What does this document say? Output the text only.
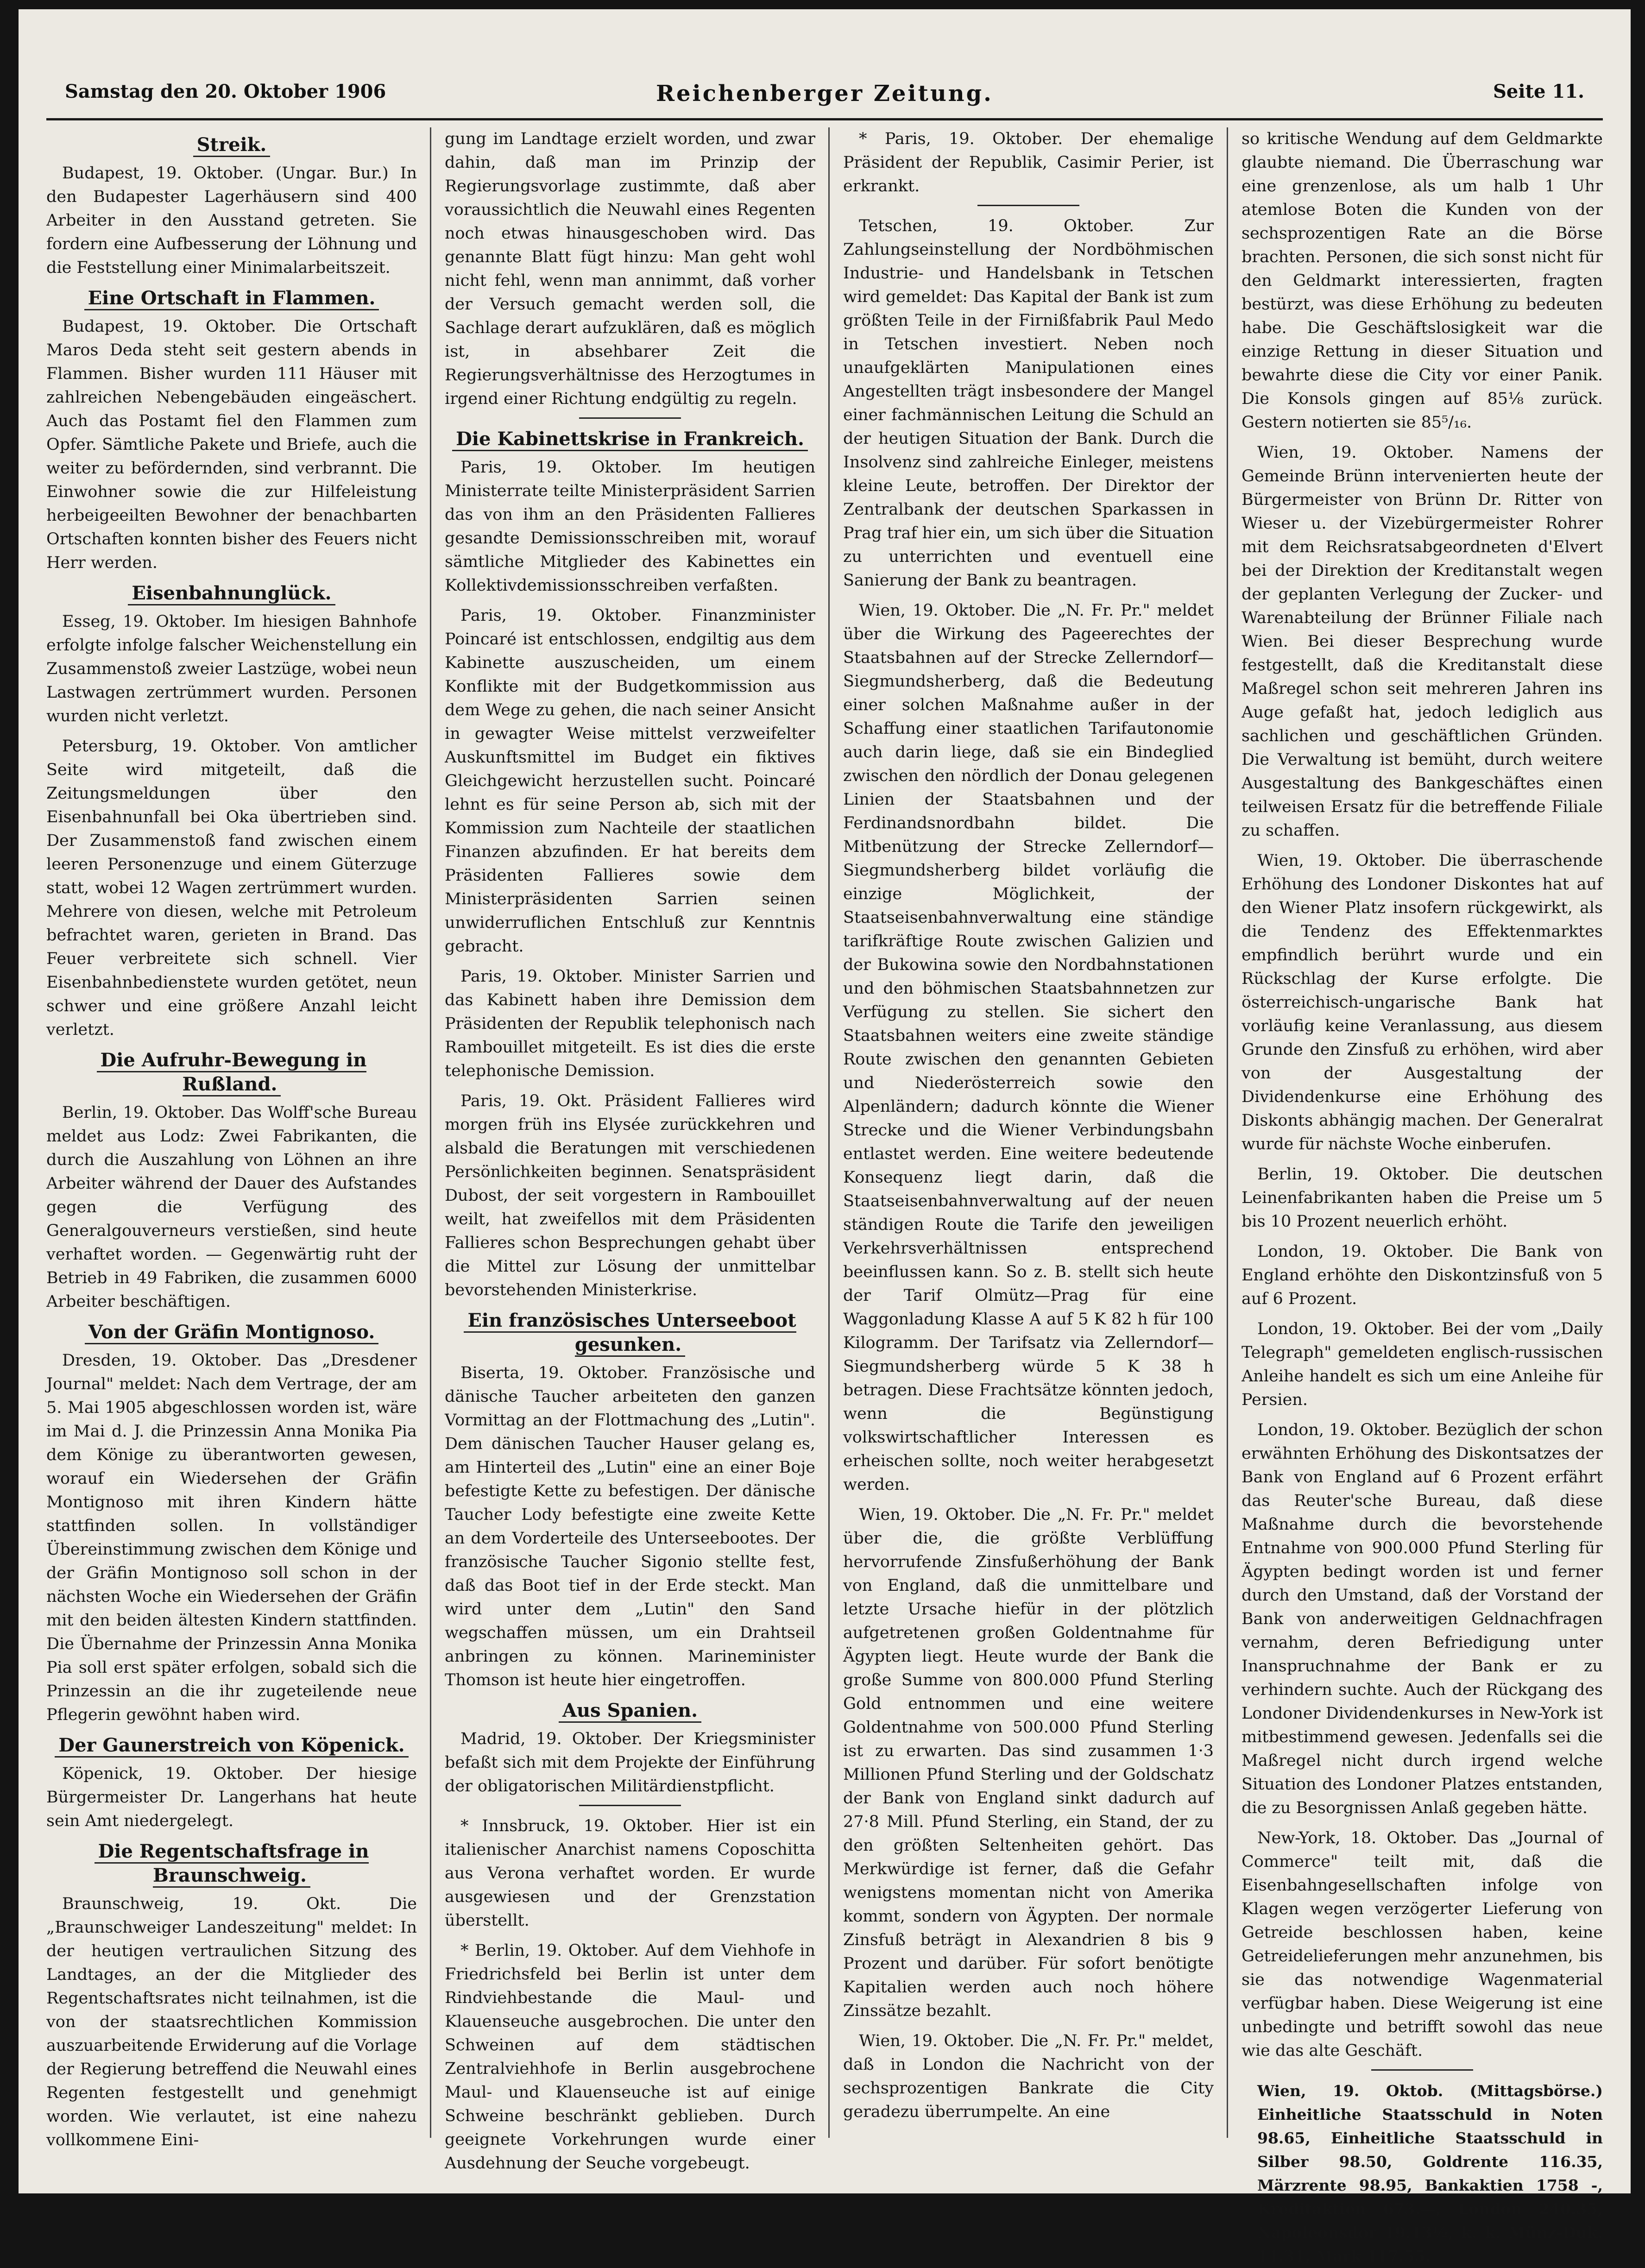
Samstag den 20. Oktober 1906	Reichenberger Zeitung.	Seite 11.
Streik.

Budapest, 19. Oktober. (Ungar. Bur.) In den Budapester Lagerhäusern sind 400 Arbeiter in den Ausstand getreten. Sie fordern eine Aufbesserung der Löhnung und die Feststellung einer Minimalarbeitszeit.

Eine Ortschaft in Flammen.

Budapest, 19. Oktober. Die Ortschaft Maros Deda steht seit gestern abends in Flammen. Bisher wurden 111 Häuser mit zahlreichen Nebengebäuden eingeäschert. Auch das Postamt fiel den Flammen zum Opfer. Sämtliche Pakete und Briefe, auch die weiter zu befördernden, sind verbrannt. Die Einwohner sowie die zur Hilfeleistung herbeigeeilten Bewohner der benachbarten Ortschaften konnten bisher des Feuers nicht Herr werden.

Eisenbahnunglück.

Esseg, 19. Oktober. Im hiesigen Bahnhofe erfolgte infolge falscher Weichenstellung ein Zusammenstoß zweier Lastzüge, wobei neun Lastwagen zertrümmert wurden. Personen wurden nicht verletzt.

Petersburg, 19. Oktober. Von amtlicher Seite wird mitgeteilt, daß die Zeitungsmeldungen über den Eisenbahnunfall bei Oka übertrieben sind. Der Zusammenstoß fand zwischen einem leeren Personenzuge und einem Güterzuge statt, wobei 12 Wagen zertrümmert wurden. Mehrere von diesen, welche mit Petroleum befrachtet waren, gerieten in Brand. Das Feuer verbreitete sich schnell. Vier Eisenbahnbedienstete wurden getötet, neun schwer und eine größere Anzahl leicht verletzt.

Die Aufruhr-Bewegung in Rußland.

Berlin, 19. Oktober. Das Wolff'sche Bureau meldet aus Lodz: Zwei Fabrikanten, die durch die Auszahlung von Löhnen an ihre Arbeiter während der Dauer des Aufstandes gegen die Verfügung des Generalgouverneurs verstießen, sind heute verhaftet worden. — Gegenwärtig ruht der Betrieb in 49 Fabriken, die zusammen 6000 Arbeiter beschäftigen.

Von der Gräfin Montignoso.

Dresden, 19. Oktober. Das „Dresdener Journal" meldet: Nach dem Vertrage, der am 5. Mai 1905 abgeschlossen worden ist, wäre im Mai d. J. die Prinzessin Anna Monika Pia dem Könige zu überantworten gewesen, worauf ein Wiedersehen der Gräfin Montignoso mit ihren Kindern hätte stattfinden sollen. In vollständiger Übereinstimmung zwischen dem Könige und der Gräfin Montignoso soll schon in der nächsten Woche ein Wiedersehen der Gräfin mit den beiden ältesten Kindern stattfinden. Die Übernahme der Prinzessin Anna Monika Pia soll erst später erfolgen, sobald sich die Prinzessin an die ihr zugeteilende neue Pflegerin gewöhnt haben wird.

Der Gaunerstreich von Köpenick.

Köpenick, 19. Oktober. Der hiesige Bürgermeister Dr. Langerhans hat heute sein Amt niedergelegt.

Die Regentschaftsfrage in Braunschweig.

Braunschweig, 19. Okt. Die „Braunschweiger Landeszeitung" meldet: In der heutigen vertraulichen Sitzung des Landtages, an der die Mitglieder des Regentschaftsrates nicht teilnahmen, ist die von der staatsrechtlichen Kommission auszuarbeitende Erwiderung auf die Vorlage der Regierung betreffend die Neuwahl eines Regenten festgestellt und genehmigt worden. Wie verlautet, ist eine nahezu vollkommene Eini-

gung im Landtage erzielt worden, und zwar dahin, daß man im Prinzip der Regierungsvorlage zustimmte, daß aber voraussichtlich die Neuwahl eines Regenten noch etwas hinausgeschoben wird. Das genannte Blatt fügt hinzu: Man geht wohl nicht fehl, wenn man annimmt, daß vorher der Versuch gemacht werden soll, die Sachlage derart aufzuklären, daß es möglich ist, in absehbarer Zeit die Regierungsverhältnisse des Herzogtumes in irgend einer Richtung endgültig zu regeln.

Die Kabinettskrise in Frankreich.

Paris, 19. Oktober. Im heutigen Ministerrate teilte Ministerpräsident Sarrien das von ihm an den Präsidenten Fallieres gesandte Demissionsschreiben mit, worauf sämtliche Mitglieder des Kabinettes ein Kollektivdemissionsschreiben verfaßten.

Paris, 19. Oktober. Finanzminister Poincaré ist entschlossen, endgiltig aus dem Kabinette auszuscheiden, um einem Konflikte mit der Budgetkommission aus dem Wege zu gehen, die nach seiner Ansicht in gewagter Weise mittelst verzweifelter Auskunftsmittel im Budget ein fiktives Gleichgewicht herzustellen sucht. Poincaré lehnt es für seine Person ab, sich mit der Kommission zum Nachteile der staatlichen Finanzen abzufinden. Er hat bereits dem Präsidenten Fallieres sowie dem Ministerpräsidenten Sarrien seinen unwiderruflichen Entschluß zur Kenntnis gebracht.

Paris, 19. Oktober. Minister Sarrien und das Kabinett haben ihre Demission dem Präsidenten der Republik telephonisch nach Rambouillet mitgeteilt. Es ist dies die erste telephonische Demission.

Paris, 19. Okt. Präsident Fallieres wird morgen früh ins Elysée zurückkehren und alsbald die Beratungen mit verschiedenen Persönlichkeiten beginnen. Senatspräsident Dubost, der seit vorgestern in Rambouillet weilt, hat zweifellos mit dem Präsidenten Fallieres schon Besprechungen gehabt über die Mittel zur Lösung der unmittelbar bevorstehenden Ministerkrise.

Ein französisches Unterseeboot gesunken.

Biserta, 19. Oktober. Französische und dänische Taucher arbeiteten den ganzen Vormittag an der Flottmachung des „Lutin". Dem dänischen Taucher Hauser gelang es, am Hinterteil des „Lutin" eine an einer Boje befestigte Kette zu befestigen. Der dänische Taucher Lody befestigte eine zweite Kette an dem Vorderteile des Unterseebootes. Der französische Taucher Sigonio stellte fest, daß das Boot tief in der Erde steckt. Man wird unter dem „Lutin" den Sand wegschaffen müssen, um ein Drahtseil anbringen zu können. Marineminister Thomson ist heute hier eingetroffen.

Aus Spanien.

Madrid, 19. Oktober. Der Kriegsminister befaßt sich mit dem Projekte der Einführung der obligatorischen Militärdienstpflicht.

* Innsbruck, 19. Oktober. Hier ist ein italienischer Anarchist namens Coposchitta aus Verona verhaftet worden. Er wurde ausgewiesen und der Grenzstation überstellt.

* Berlin, 19. Oktober. Auf dem Viehhofe in Friedrichsfeld bei Berlin ist unter dem Rindviehbestande die Maul- und Klauenseuche ausgebrochen. Die unter den Schweinen auf dem städtischen Zentralviehhofe in Berlin ausgebrochene Maul- und Klauenseuche ist auf einige Schweine beschränkt geblieben. Durch geeignete Vorkehrungen wurde einer Ausdehnung der Seuche vorgebeugt.

* Paris, 19. Oktober. Der ehemalige Präsident der Republik, Casimir Perier, ist erkrankt.

Tetschen, 19. Oktober. Zur Zahlungseinstellung der Nordböhmischen Industrie- und Handelsbank in Tetschen wird gemeldet: Das Kapital der Bank ist zum größten Teile in der Firnißfabrik Paul Medo in Tetschen investiert. Neben noch unaufgeklärten Manipulationen eines Angestellten trägt insbesondere der Mangel einer fachmännischen Leitung die Schuld an der heutigen Situation der Bank. Durch die Insolvenz sind zahlreiche Einleger, meistens kleine Leute, betroffen. Der Direktor der Zentralbank der deutschen Sparkassen in Prag traf hier ein, um sich über die Situation zu unterrichten und eventuell eine Sanierung der Bank zu beantragen.

Wien, 19. Oktober. Die „N. Fr. Pr." meldet über die Wirkung des Pageerechtes der Staatsbahnen auf der Strecke Zellerndorf—Siegmundsherberg, daß die Bedeutung einer solchen Maßnahme außer in der Schaffung einer staatlichen Tarifautonomie auch darin liege, daß sie ein Bindeglied zwischen den nördlich der Donau gelegenen Linien der Staatsbahnen und der Ferdinandsnordbahn bildet. Die Mitbenützung der Strecke Zellerndorf—Siegmundsherberg bildet vorläufig die einzige Möglichkeit, der Staatseisenbahnverwaltung eine ständige tarifkräftige Route zwischen Galizien und der Bukowina sowie den Nordbahnstationen und den böhmischen Staatsbahnnetzen zur Verfügung zu stellen. Sie sichert den Staatsbahnen weiters eine zweite ständige Route zwischen den genannten Gebieten und Niederösterreich sowie den Alpenländern; dadurch könnte die Wiener Strecke und die Wiener Verbindungsbahn entlastet werden. Eine weitere bedeutende Konsequenz liegt darin, daß die Staatseisenbahnverwaltung auf der neuen ständigen Route die Tarife den jeweiligen Verkehrsverhältnissen entsprechend beeinflussen kann. So z. B. stellt sich heute der Tarif Olmütz—Prag für eine Waggonladung Klasse A auf 5 K 82 h für 100 Kilogramm. Der Tarifsatz via Zellerndorf—Siegmundsherberg würde 5 K 38 h betragen. Diese Frachtsätze könnten jedoch, wenn die Begünstigung volkswirtschaftlicher Interessen es erheischen sollte, noch weiter herabgesetzt werden.

Wien, 19. Oktober. Die „N. Fr. Pr." meldet über die, die größte Verblüffung hervorrufende Zinsfußerhöhung der Bank von England, daß die unmittelbare und letzte Ursache hiefür in der plötzlich aufgetretenen großen Goldentnahme für Ägypten liegt. Heute wurde der Bank die große Summe von 800.000 Pfund Sterling Gold entnommen und eine weitere Goldentnahme von 500.000 Pfund Sterling ist zu erwarten. Das sind zusammen 1·3 Millionen Pfund Sterling und der Goldschatz der Bank von England sinkt dadurch auf 27·8 Mill. Pfund Sterling, ein Stand, der zu den größten Seltenheiten gehört. Das Merkwürdige ist ferner, daß die Gefahr wenigstens momentan nicht von Amerika kommt, sondern von Ägypten. Der normale Zinsfuß beträgt in Alexandrien 8 bis 9 Prozent und darüber. Für sofort benötigte Kapitalien werden auch noch höhere Zinssätze bezahlt.

Wien, 19. Oktober. Die „N. Fr. Pr." meldet, daß in London die Nachricht von der sechsprozentigen Bankrate die City geradezu überrumpelte. An eine

so kritische Wendung auf dem Geldmarkte glaubte niemand. Die Überraschung war eine grenzenlose, als um halb 1 Uhr atemlose Boten die Kunden von der sechsprozentigen Rate an die Börse brachten. Personen, die sich sonst nicht für den Geldmarkt interessierten, fragten bestürzt, was diese Erhöhung zu bedeuten habe. Die Geschäftslosigkeit war die einzige Rettung in dieser Situation und bewahrte diese die City vor einer Panik. Die Konsols gingen auf 85⅛ zurück. Gestern notierten sie 85⁵/₁₆.

Wien, 19. Oktober. Namens der Gemeinde Brünn intervenierten heute der Bürgermeister von Brünn Dr. Ritter von Wieser u. der Vizebürgermeister Rohrer mit dem Reichsratsabgeordneten d'Elvert bei der Direktion der Kreditanstalt wegen der geplanten Verlegung der Zucker- und Warenabteilung der Brünner Filiale nach Wien. Bei dieser Besprechung wurde festgestellt, daß die Kreditanstalt diese Maßregel schon seit mehreren Jahren ins Auge gefaßt hat, jedoch lediglich aus sachlichen und geschäftlichen Gründen. Die Verwaltung ist bemüht, durch weitere Ausgestaltung des Bankgeschäftes einen teilweisen Ersatz für die betreffende Filiale zu schaffen.

Wien, 19. Oktober. Die überraschende Erhöhung des Londoner Diskontes hat auf den Wiener Platz insofern rückgewirkt, als die Tendenz des Effektenmarktes empfindlich berührt wurde und ein Rückschlag der Kurse erfolgte. Die österreichisch-ungarische Bank hat vorläufig keine Veranlassung, aus diesem Grunde den Zinsfuß zu erhöhen, wird aber von der Ausgestaltung der Dividendenkurse eine Erhöhung des Diskonts abhängig machen. Der Generalrat wurde für nächste Woche einberufen.

Berlin, 19. Oktober. Die deutschen Leinenfabrikanten haben die Preise um 5 bis 10 Prozent neuerlich erhöht.

London, 19. Oktober. Die Bank von England erhöhte den Diskontzinsfuß von 5 auf 6 Prozent.

London, 19. Oktober. Bei der vom „Daily Telegraph" gemeldeten englisch-russischen Anleihe handelt es sich um eine Anleihe für Persien.

London, 19. Oktober. Bezüglich der schon erwähnten Erhöhung des Diskontsatzes der Bank von England auf 6 Prozent erfährt das Reuter'sche Bureau, daß diese Maßnahme durch die bevorstehende Entnahme von 900.000 Pfund Sterling für Ägypten bedingt worden ist und ferner durch den Umstand, daß der Vorstand der Bank von anderweitigen Geldnachfragen vernahm, deren Befriedigung unter Inanspruchnahme der Bank er zu verhindern suchte. Auch der Rückgang des Londoner Dividendenkurses in New-York ist mitbestimmend gewesen. Jedenfalls sei die Maßregel nicht durch irgend welche Situation des Londoner Platzes entstanden, die zu Besorgnissen Anlaß gegeben hätte.

New-York, 18. Oktober. Das „Journal of Commerce" teilt mit, daß die Eisenbahngesellschaften infolge von Klagen wegen verzögerter Lieferung von Getreide beschlossen haben, keine Getreidelieferungen mehr anzunehmen, bis sie das notwendige Wagenmaterial verfügbar haben. Diese Weigerung ist eine unbedingte und betrifft sowohl das neue wie das alte Geschäft.

Wien, 19. Oktob. (Mittagsbörse.) Einheitliche Staatsschuld in Noten 98.65, Einheitliche Staatsschuld in Silber 98.50, Goldrente 116.35, Märzrente 98.95, Bankaktien 1758 -, Kreditaktien 673.—, London 240.35, Napoleonsdor 19.13½, k. k. Münz-Duk. 11.31, Mark 117.55.
